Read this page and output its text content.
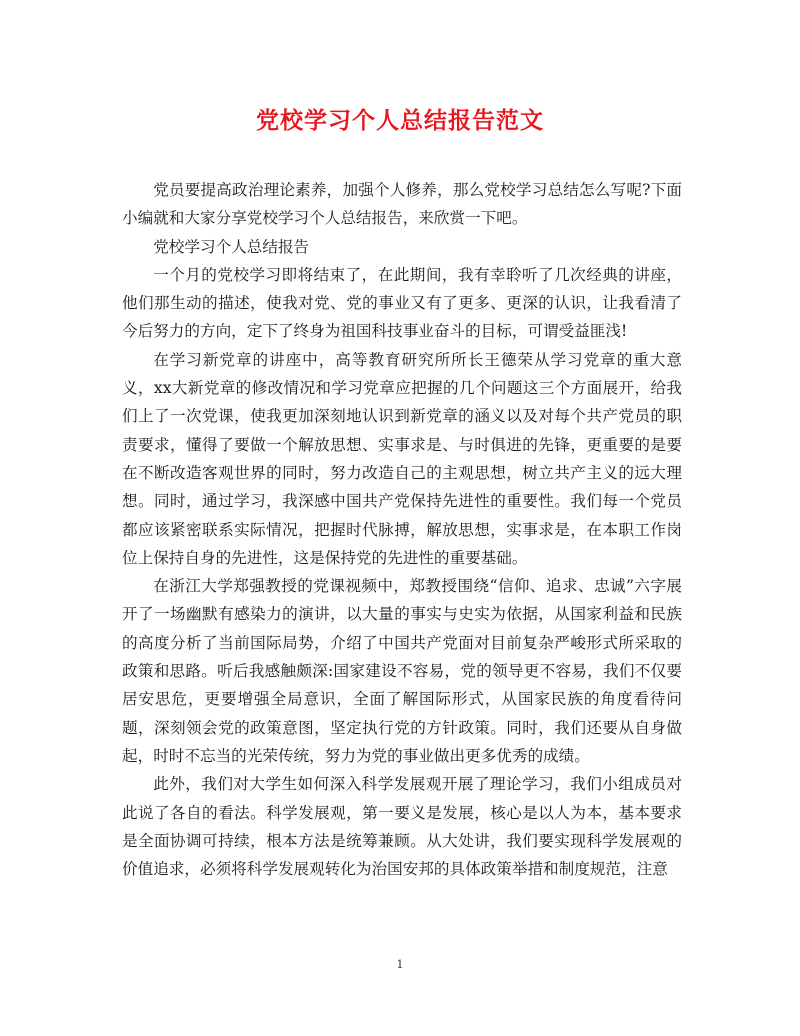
党校学习个人总结报告范文

党员要提高政治理论素养，加强个人修养，那么党校学习总结怎么写呢?下面小编就和大家分享党校学习个人总结报告，来欣赏一下吧。

党校学习个人总结报告

一个月的党校学习即将结束了，在此期间，我有幸聆听了几次经典的讲座，他们那生动的描述，使我对党、党的事业又有了更多、更深的认识，让我看清了今后努力的方向，定下了终身为祖国科技事业奋斗的目标，可谓受益匪浅!

在学习新党章的讲座中，高等教育研究所所长王德荣从学习党章的重大意义，xx大新党章的修改情况和学习党章应把握的几个问题这三个方面展开，给我们上了一次党课，使我更加深刻地认识到新党章的涵义以及对每个共产党员的职责要求，懂得了要做一个解放思想、实事求是、与时俱进的先锋，更重要的是要在不断改造客观世界的同时，努力改造自己的主观思想，树立共产主义的远大理想。同时，通过学习，我深感中国共产党保持先进性的重要性。我们每一个党员都应该紧密联系实际情况，把握时代脉搏，解放思想，实事求是，在本职工作岗位上保持自身的先进性，这是保持党的先进性的重要基础。

在浙江大学郑强教授的党课视频中，郑教授围绕“信仰、追求、忠诚”六字展开了一场幽默有感染力的演讲，以大量的事实与史实为依据，从国家利益和民族的高度分析了当前国际局势，介绍了中国共产党面对目前复杂严峻形式所采取的政策和思路。听后我感触颇深:国家建设不容易，党的领导更不容易，我们不仅要居安思危，更要增强全局意识，全面了解国际形式，从国家民族的角度看待问题，深刻领会党的政策意图，坚定执行党的方针政策。同时，我们还要从自身做起，时时不忘当的光荣传统，努力为党的事业做出更多优秀的成绩。

此外，我们对大学生如何深入科学发展观开展了理论学习，我们小组成员对此说了各自的看法。科学发展观，第一要义是发展，核心是以人为本，基本要求是全面协调可持续，根本方法是统筹兼顾。从大处讲，我们要实现科学发展观的价值追求，必须将科学发展观转化为治国安邦的具体政策举措和制度规范，注意

1
